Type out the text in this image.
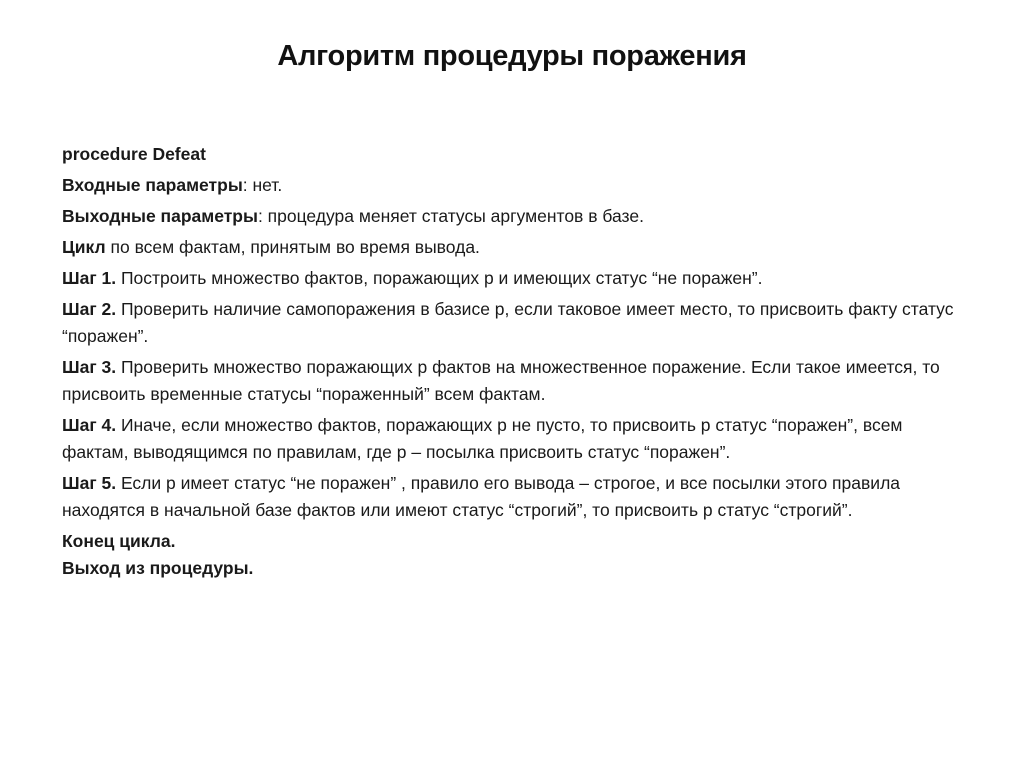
Алгоритм процедуры поражения
procedure Defeat
Входные параметры: нет.
Выходные параметры: процедура меняет статусы аргументов в базе.
Цикл по всем фактам, принятым во время вывода.
Шаг 1. Построить множество фактов, поражающих p и имеющих статус “не поражен”.
Шаг 2. Проверить наличие самопоражения в базисе p, если таковое имеет место, то присвоить факту статус “поражен”.
Шаг 3. Проверить множество поражающих p фактов на множественное поражение. Если такое имеется, то присвоить временные статусы “пораженный” всем фактам.
Шаг 4. Иначе, если множество фактов, поражающих p не пусто, то присвоить p статус “поражен”, всем фактам, выводящимся по правилам, где p – посылка присвоить статус “поражен”.
Шаг 5. Если p имеет статус “не поражен” , правило его вывода – строгое, и все посылки этого правила находятся в начальной базе фактов или имеют статус “строгий”, то присвоить p статус “строгий”.
Конец цикла.
Выход из процедуры.
